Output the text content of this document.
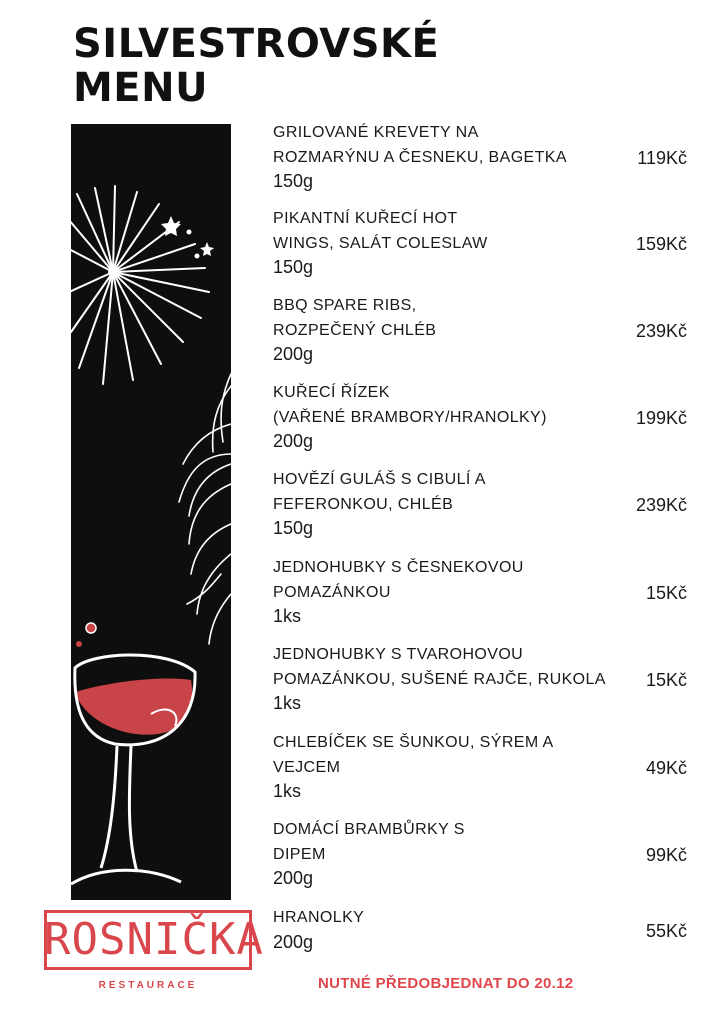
SILVESTROVSKÉ
MENU
GRILOVANÉ KREVETY NA
ROZMARÝNU A ČESNEKU, BAGETKA
150g
119Kč
PIKANTNÍ KUŘECÍ HOT
WINGS, SALÁT COLESLAW
150g
159Kč
BBQ SPARE RIBS,
ROZPEČENÝ CHLÉB
200g
239Kč
KUŘECÍ ŘÍZEK
(VAŘENÉ BRAMBORY/HRANOLKY)
200g
199Kč
HOVĚZÍ GULÁŠ S CIBULÍ A
FEFERONKOU, CHLÉB
150g
239Kč
JEDNOHUBKY S ČESNEKOVOU
POMAZÁNKOU
1ks
15Kč
JEDNOHUBKY S TVAROHOVOU
POMAZÁNKOU, SUŠENÉ RAJČE, RUKOLA
1ks
15Kč
CHLEBÍČEK SE ŠUNKOU, SÝREM A
VEJCEM
1ks
49Kč
DOMÁCÍ BRAMBŮRKY S
DIPEM
200g
99Kč
HRANOLKY
200g
55Kč
ROSNIČKA
RESTAURACE	NUTNÉ PŘEDOBJEDNAT DO 20.12
